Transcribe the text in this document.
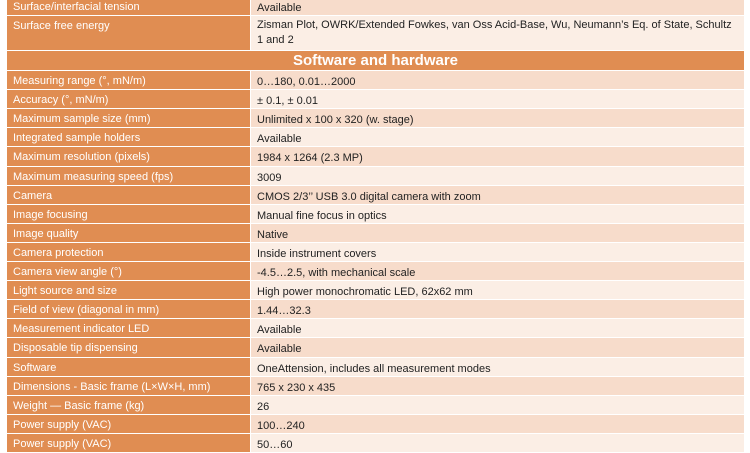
Surface/interfacial tension	Available
Surface free energy	Zisman Plot, OWRK/Extended Fowkes, van Oss Acid-Base, Wu, Neumann’s Eq. of State, Schultz 1 and 2
Software and hardware
Measuring range (°, mN/m)	0…180, 0.01…2000
Accuracy (°, mN/m)	± 0.1, ± 0.01
Maximum sample size (mm)	Unlimited x 100 x 320 (w. stage)
Integrated sample holders	Available
Maximum resolution (pixels)	1984 x 1264 (2.3 MP)
Maximum measuring speed (fps)	3009
Camera	CMOS 2/3’’ USB 3.0 digital camera with zoom
Image focusing	Manual fine focus in optics
Image quality	Native
Camera protection	Inside instrument covers
Camera view angle (°)	-4.5…2.5, with mechanical scale
Light source and size	High power monochromatic LED, 62x62 mm
Field of view (diagonal in mm)	1.44…32.3
Measurement indicator LED	Available
Disposable tip dispensing	Available
Software	OneAttension, includes all measurement modes
Dimensions - Basic frame (L×W×H, mm)	765 x 230 x 435
Weight — Basic frame (kg)	26
Power supply (VAC)	100…240
Power supply (VAC)	50…60
